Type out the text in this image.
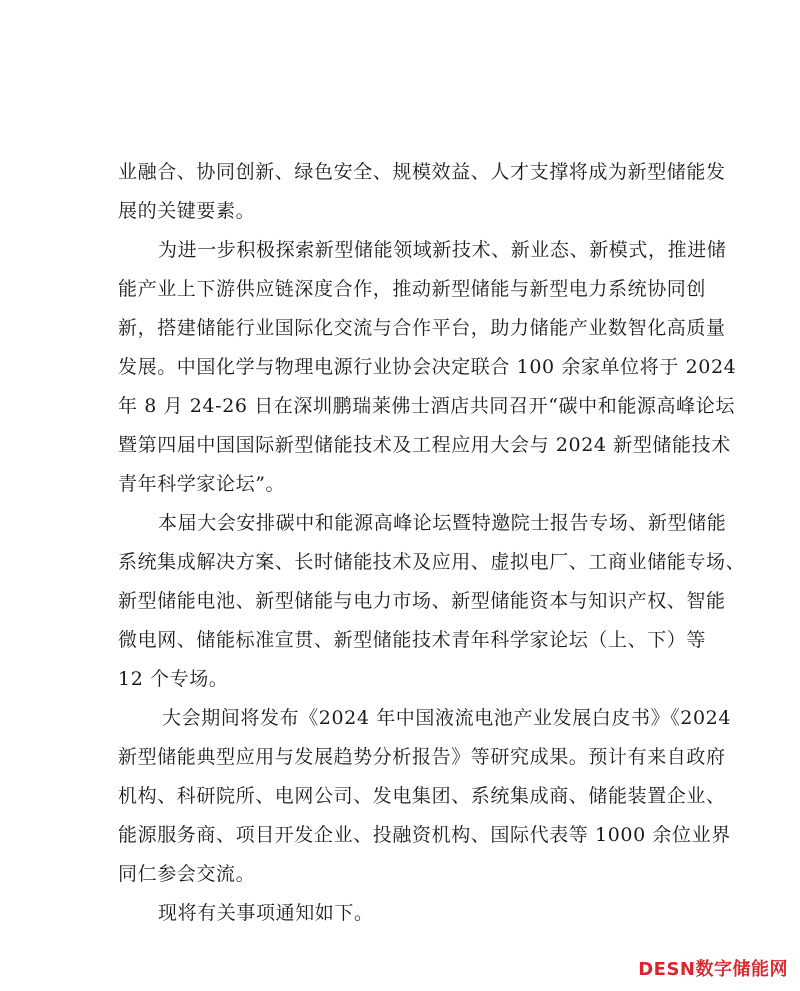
业融合、协同创新、绿色安全、规模效益、人才支撑将成为新型储能发
展的关键要素。
为进一步积极探索新型储能领域新技术、新业态、新模式，推进储
能产业上下游供应链深度合作，推动新型储能与新型电力系统协同创
新，搭建储能行业国际化交流与合作平台，助力储能产业数智化高质量
发展。中国化学与物理电源行业协会决定联合 100 余家单位将于 2024
年 8 月 24-26 日在深圳鹏瑞莱佛士酒店共同召开“碳中和能源高峰论坛
暨第四届中国国际新型储能技术及工程应用大会与 2024 新型储能技术
青年科学家论坛”。
本届大会安排碳中和能源高峰论坛暨特邀院士报告专场、新型储能
系统集成解决方案、长时储能技术及应用、虚拟电厂、工商业储能专场、
新型储能电池、新型储能与电力市场、新型储能资本与知识产权、智能
微电网、储能标准宣贯、新型储能技术青年科学家论坛（上、下）等
12 个专场。
大会期间将发布《2024 年中国液流电池产业发展白皮书》《2024
新型储能典型应用与发展趋势分析报告》等研究成果。预计有来自政府
机构、科研院所、电网公司、发电集团、系统集成商、储能装置企业、
能源服务商、项目开发企业、投融资机构、国际代表等 1000 余位业界
同仁参会交流。
现将有关事项通知如下。
DESN数字储能网
